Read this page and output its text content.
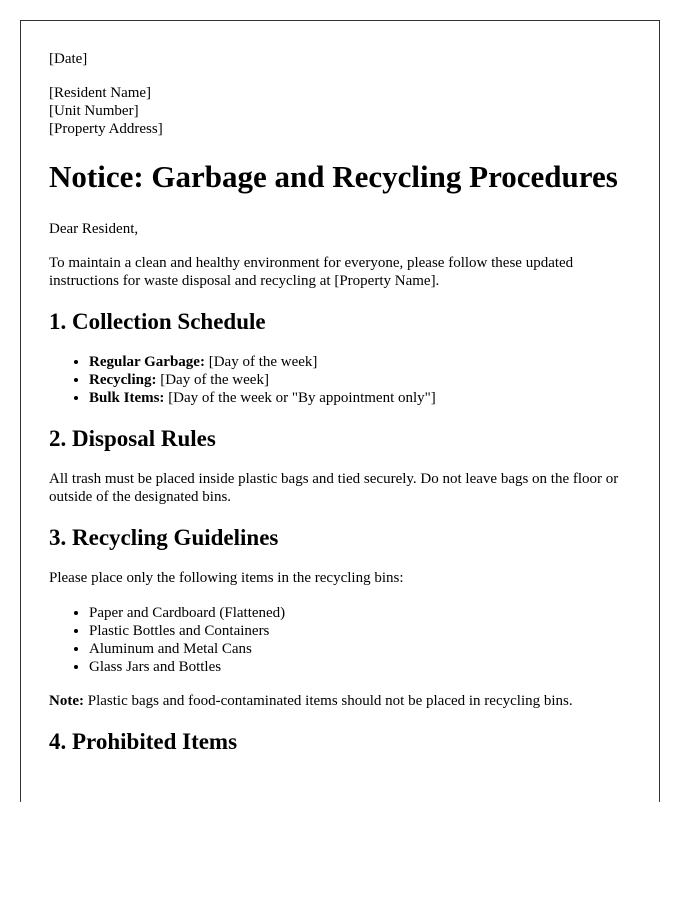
[Date]

[Resident Name]

[Unit Number]

[Property Address]

Notice: Garbage and Recycling Procedures

Dear Resident,

To maintain a clean and healthy environment for everyone, please follow these updated instructions for waste disposal and recycling at [Property Name].

1. Collection Schedule
• Regular Garbage: [Day of the week]
• Recycling: [Day of the week]
• Bulk Items: [Day of the week or "By appointment only"]
2. Disposal Rules

All trash must be placed inside plastic bags and tied securely. Do not leave bags on the floor or outside of the designated bins.

3. Recycling Guidelines

Please place only the following items in the recycling bins:

• Paper and Cardboard (Flattened)
• Plastic Bottles and Containers
• Aluminum and Metal Cans
• Glass Jars and Bottles

Note: Plastic bags and food-contaminated items should not be placed in recycling bins.

4. Prohibited Items
